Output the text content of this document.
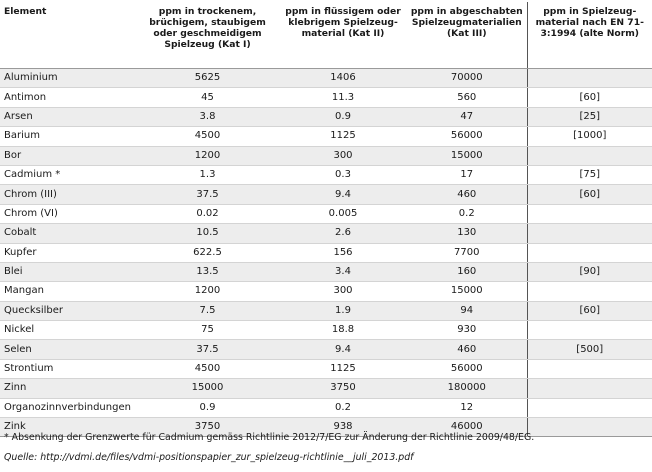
Element	ppm in trockenem, brüchigem, staubigem oder geschmeidigem Spielzeug (Kat I)	ppm in flüssigem oder klebrigem Spielzeug-material (Kat II)	ppm in abgeschabten Spielzeugmaterialien (Kat III)	ppm in Spielzeug-material nach EN 71-3:1994 (alte Norm)
Aluminium	5625	1406	70000	
Antimon	45	11.3	560	[60]
Arsen	3.8	0.9	47	[25]
Barium	4500	1125	56000	[1000]
Bor	1200	300	15000	
Cadmium *	1.3	0.3	17	[75]
Chrom (III)	37.5	9.4	460	[60]
Chrom (VI)	0.02	0.005	0.2	
Cobalt	10.5	2.6	130	
Kupfer	622.5	156	7700	
Blei	13.5	3.4	160	[90]
Mangan	1200	300	15000	
Quecksilber	7.5	1.9	94	[60]
Nickel	75	18.8	930	
Selen	37.5	9.4	460	[500]
Strontium	4500	1125	56000	
Zinn	15000	3750	180000	
Organozinnverbindungen	0.9	0.2	12	
Zink	3750	938	46000	
* Absenkung der Grenzwerte für Cadmium gemäss Richtlinie 2012/7/EG zur Änderung der Richtlinie 2009/48/EG.
Quelle: http://vdmi.de/files/vdmi-positionspapier_zur_spielzeug-richtlinie__juli_2013.pdf
